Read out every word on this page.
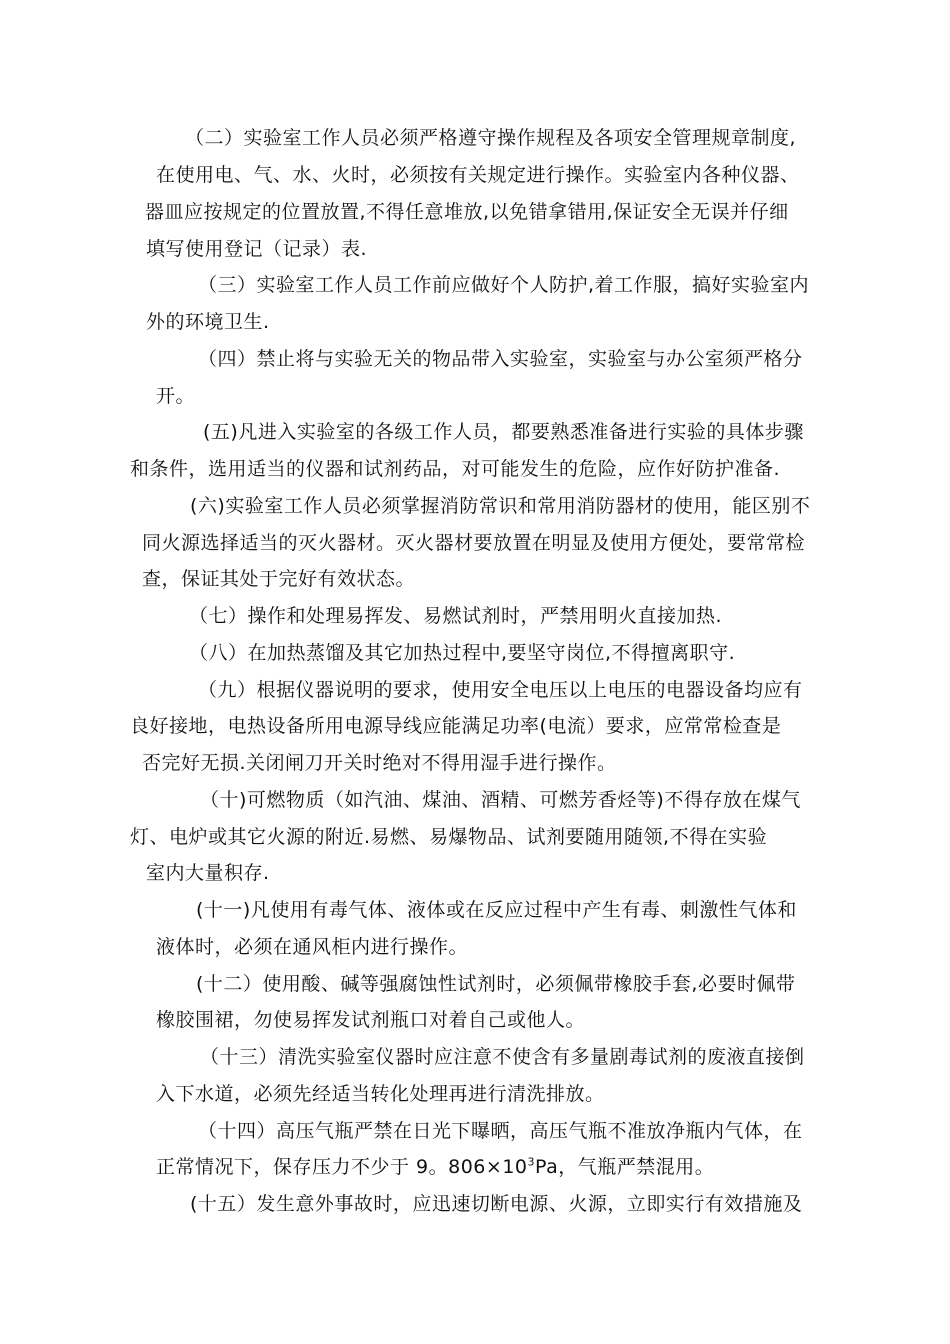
（二）实验室工作人员必须严格遵守操作规程及各项安全管理规章制度,
在使用电、气、水、火时，必须按有关规定进行操作。实验室内各种仪器、
器皿应按规定的位置放置,不得任意堆放,以免错拿错用,保证安全无误并仔细
填写使用登记（记录）表.
（三）实验室工作人员工作前应做好个人防护,着工作服，搞好实验室内
外的环境卫生.
（四）禁止将与实验无关的物品带入实验室，实验室与办公室须严格分
开。
(五)凡进入实验室的各级工作人员，都要熟悉准备进行实验的具体步骤
和条件，选用适当的仪器和试剂药品，对可能发生的危险，应作好防护准备.
(六)实验室工作人员必须掌握消防常识和常用消防器材的使用，能区别不
同火源选择适当的灭火器材。灭火器材要放置在明显及使用方便处，要常常检
查，保证其处于完好有效状态。
（七）操作和处理易挥发、易燃试剂时，严禁用明火直接加热.
（八）在加热蒸馏及其它加热过程中,要坚守岗位,不得擅离职守.
（九）根据仪器说明的要求，使用安全电压以上电压的电器设备均应有
良好接地，电热设备所用电源导线应能满足功率(电流）要求，应常常检查是
否完好无损.关闭闸刀开关时绝对不得用湿手进行操作。
（十)可燃物质（如汽油、煤油、酒精、可燃芳香烃等)不得存放在煤气
灯、电炉或其它火源的附近.易燃、易爆物品、试剂要随用随领,不得在实验
室内大量积存.
(十一)凡使用有毒气体、液体或在反应过程中产生有毒、刺激性气体和
液体时，必须在通风柜内进行操作。
(十二）使用酸、碱等强腐蚀性试剂时，必须佩带橡胶手套,必要时佩带
橡胶围裙，勿使易挥发试剂瓶口对着自己或他人。
（十三）清洗实验室仪器时应注意不使含有多量剧毒试剂的废液直接倒
入下水道，必须先经适当转化处理再进行清洗排放。
（十四）高压气瓶严禁在日光下曝晒，高压气瓶不准放净瓶内气体，在
正常情况下，保存压力不少于 9。$806\times 10^3Pa$，气瓶严禁混用。
(十五）发生意外事故时，应迅速切断电源、火源，立即实行有效措施及
